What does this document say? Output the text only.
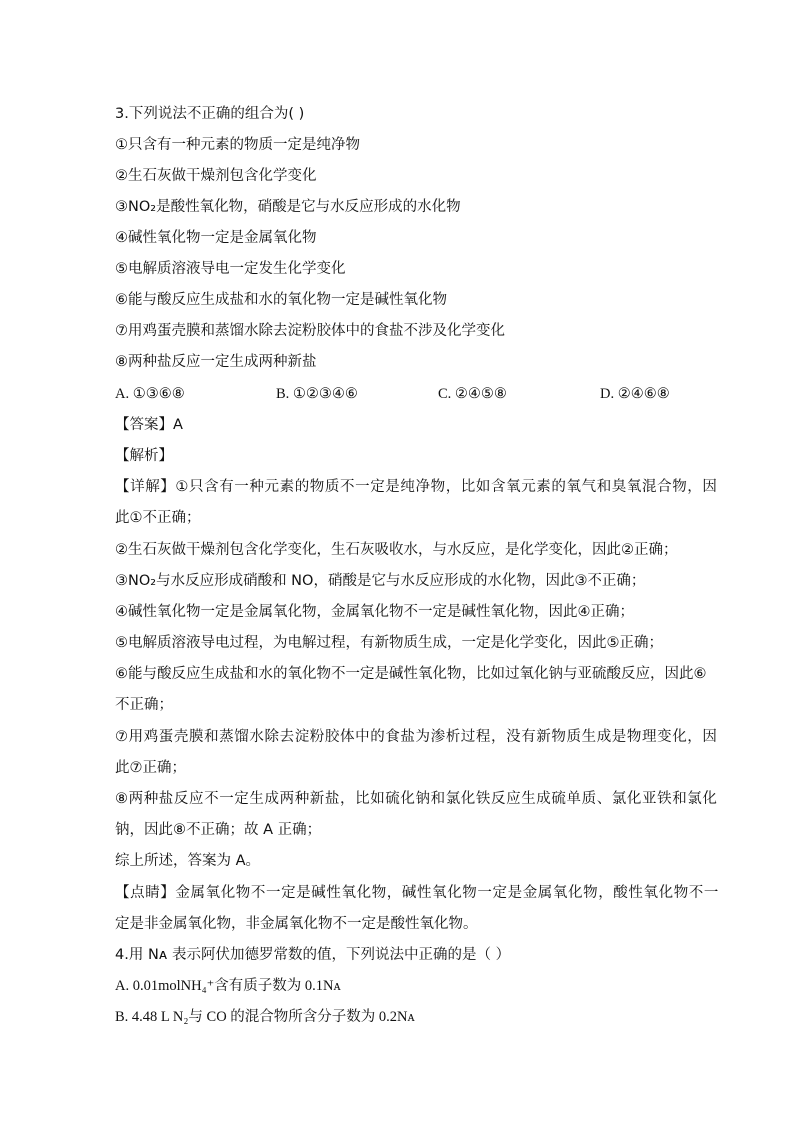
3.下列说法不正确的组合为( )
①只含有一种元素的物质一定是纯净物
②生石灰做干燥剂包含化学变化
③NO₂是酸性氧化物，硝酸是它与水反应形成的水化物
④碱性氧化物一定是金属氧化物
⑤电解质溶液导电一定发生化学变化
⑥能与酸反应生成盐和水的氧化物一定是碱性氧化物
⑦用鸡蛋壳膜和蒸馏水除去淀粉胶体中的食盐不涉及化学变化
⑧两种盐反应一定生成两种新盐
A. ①③⑥⑧	B. ①②③④⑥	C. ②④⑤⑧	D. ②④⑥⑧
【答案】A
【解析】
【详解】①只含有一种元素的物质不一定是纯净物，比如含氧元素的氧气和臭氧混合物，因
此①不正确；
②生石灰做干燥剂包含化学变化，生石灰吸收水，与水反应，是化学变化，因此②正确；
③NO₂与水反应形成硝酸和 NO，硝酸是它与水反应形成的水化物，因此③不正确；
④碱性氧化物一定是金属氧化物，金属氧化物不一定是碱性氧化物，因此④正确；
⑤电解质溶液导电过程，为电解过程，有新物质生成，一定是化学变化，因此⑤正确；
⑥能与酸反应生成盐和水的氧化物不一定是碱性氧化物，比如过氧化钠与亚硫酸反应，因此⑥
不正确；
⑦用鸡蛋壳膜和蒸馏水除去淀粉胶体中的食盐为渗析过程，没有新物质生成是物理变化，因
此⑦正确；
⑧两种盐反应不一定生成两种新盐，比如硫化钠和氯化铁反应生成硫单质、氯化亚铁和氯化
钠，因此⑧不正确；故 A 正确；
综上所述，答案为 A。
【点睛】金属氧化物不一定是碱性氧化物，碱性氧化物一定是金属氧化物，酸性氧化物不一
定是非金属氧化物，非金属氧化物不一定是酸性氧化物。
4.用 Nᴀ 表示阿伏加德罗常数的值，下列说法中正确的是（ ）
A. 0.01molNH₄⁺含有质子数为 0.1Nᴀ
B. 4.48 L N₂与 CO 的混合物所含分子数为 0.2Nᴀ
